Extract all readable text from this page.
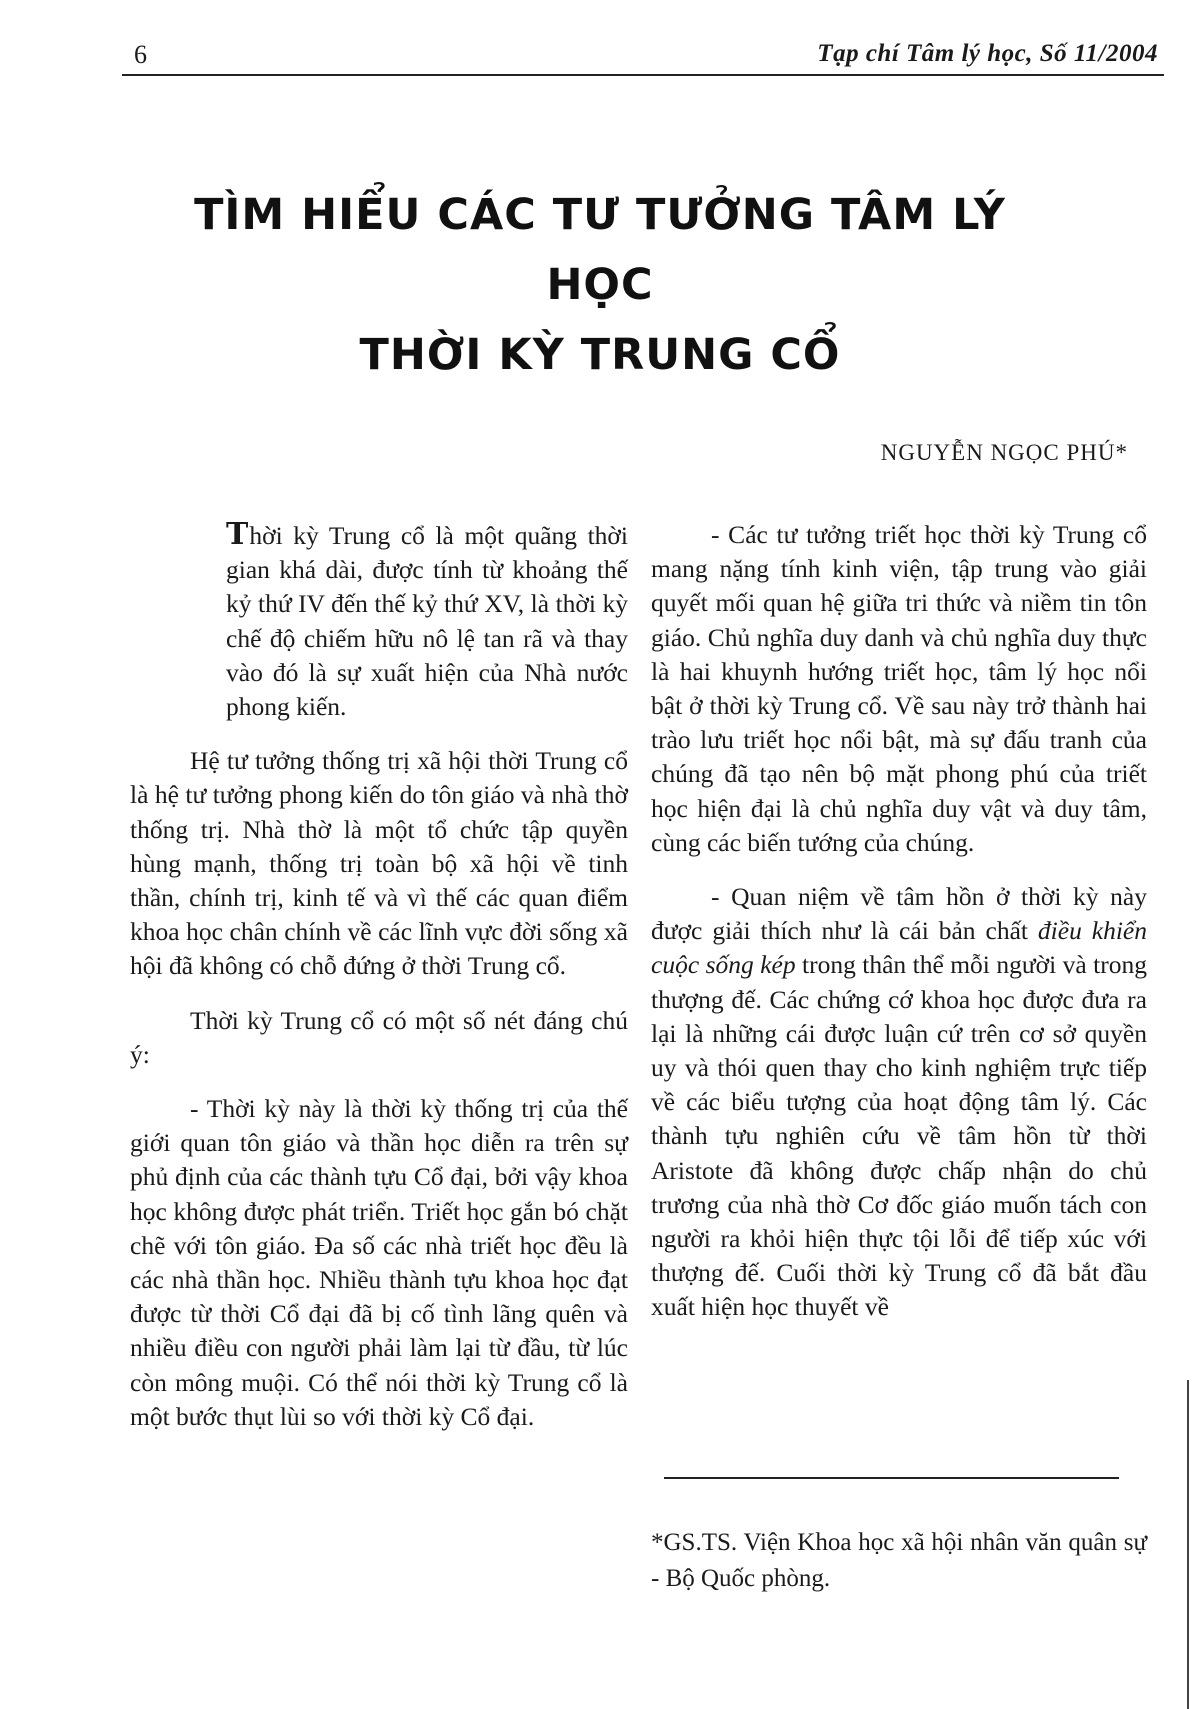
6	Tạp chí Tâm lý học, Số 11/2004
TÌM HIỂU CÁC TƯ TƯỞNG TÂM LÝ HỌC
THỜI KỲ TRUNG CỔ
NGUYỄN NGỌC PHÚ*

Thời kỳ Trung cổ là một quãng thời gian khá dài, được tính từ khoảng thế kỷ thứ IV đến thế kỷ thứ XV, là thời kỳ chế độ chiếm hữu nô lệ tan rã và thay vào đó là sự xuất hiện của Nhà nước phong kiến.

Hệ tư tưởng thống trị xã hội thời Trung cổ là hệ tư tưởng phong kiến do tôn giáo và nhà thờ thống trị. Nhà thờ là một tổ chức tập quyền hùng mạnh, thống trị toàn bộ xã hội về tinh thần, chính trị, kinh tế và vì thế các quan điểm khoa học chân chính về các lĩnh vực đời sống xã hội đã không có chỗ đứng ở thời Trung cổ.

Thời kỳ Trung cổ có một số nét đáng chú ý:

- Thời kỳ này là thời kỳ thống trị của thế giới quan tôn giáo và thần học diễn ra trên sự phủ định của các thành tựu Cổ đại, bởi vậy khoa học không được phát triển. Triết học gắn bó chặt chẽ với tôn giáo. Đa số các nhà triết học đều là các nhà thần học. Nhiều thành tựu khoa học đạt được từ thời Cổ đại đã bị cố tình lãng quên và nhiều điều con người phải làm lại từ đầu, từ lúc còn mông muội. Có thể nói thời kỳ Trung cổ là một bước thụt lùi so với thời kỳ Cổ đại.

- Các tư tưởng triết học thời kỳ Trung cổ mang nặng tính kinh viện, tập trung vào giải quyết mối quan hệ giữa tri thức và niềm tin tôn giáo. Chủ nghĩa duy danh và chủ nghĩa duy thực là hai khuynh hướng triết học, tâm lý học nổi bật ở thời kỳ Trung cổ. Về sau này trở thành hai trào lưu triết học nổi bật, mà sự đấu tranh của chúng đã tạo nên bộ mặt phong phú của triết học hiện đại là chủ nghĩa duy vật và duy tâm, cùng các biến tướng của chúng.

- Quan niệm về tâm hồn ở thời kỳ này được giải thích như là cái bản chất điều khiển cuộc sống kép trong thân thể mỗi người và trong thượng đế. Các chứng cớ khoa học được đưa ra lại là những cái được luận cứ trên cơ sở quyền uy và thói quen thay cho kinh nghiệm trực tiếp về các biểu tượng của hoạt động tâm lý. Các thành tựu nghiên cứu về tâm hồn từ thời Aristote đã không được chấp nhận do chủ trương của nhà thờ Cơ đốc giáo muốn tách con người ra khỏi hiện thực tội lỗi để tiếp xúc với thượng đế. Cuối thời kỳ Trung cổ đã bắt đầu xuất hiện học thuyết về

*GS.TS. Viện Khoa học xã hội nhân văn quân sự - Bộ Quốc phòng.
